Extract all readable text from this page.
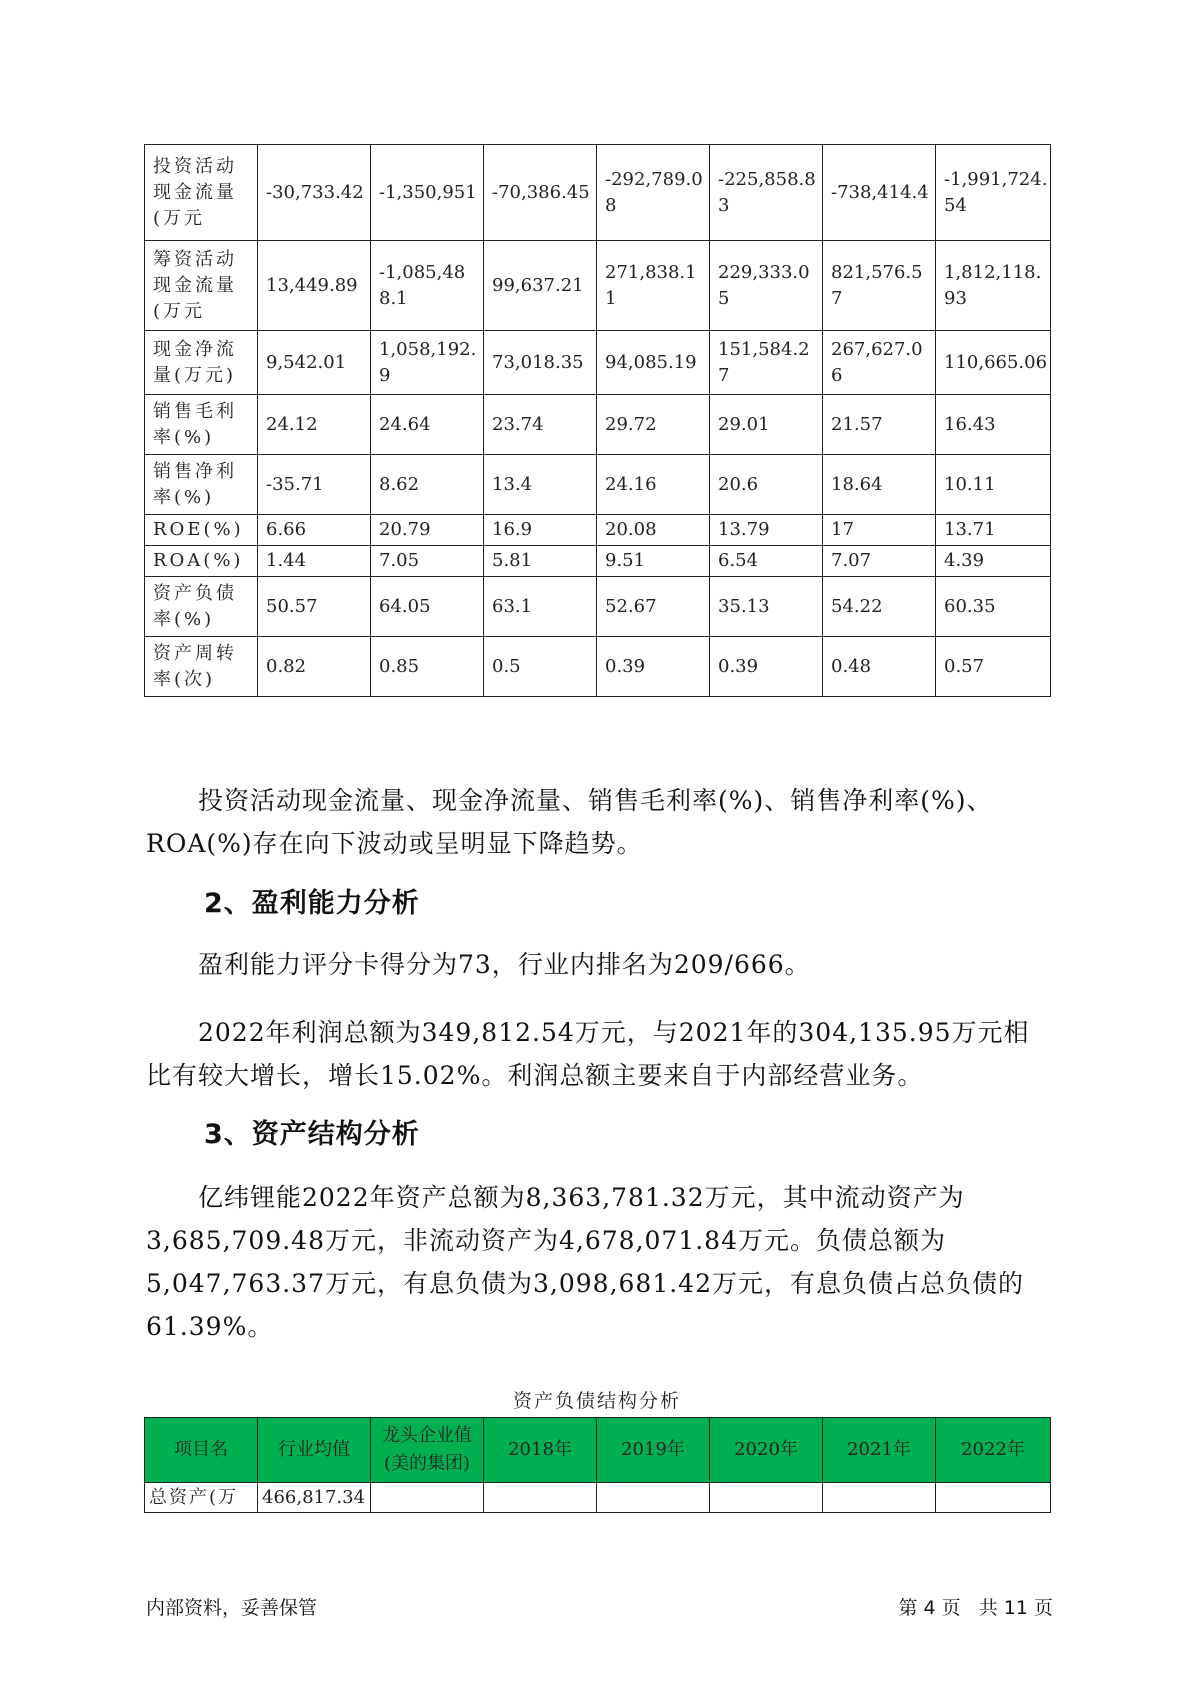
投资活动现金流量(万元	-30,733.42	-1,350,951	-70,386.45	-292,789.08	-225,858.83	-738,414.4	-1,991,724.54
筹资活动现金流量(万元	13,449.89	-1,085,488.1	99,637.21	271,838.11	229,333.05	821,576.57	1,812,118.93
现金净流量(万元)	9,542.01	1,058,192.9	73,018.35	94,085.19	151,584.27	267,627.06	110,665.06
销售毛利率(%)	24.12	24.64	23.74	29.72	29.01	21.57	16.43
销售净利率(%)	-35.71	8.62	13.4	24.16	20.6	18.64	10.11
ROE(%)	6.66	20.79	16.9	20.08	13.79	17	13.71
ROA(%)	1.44	7.05	5.81	9.51	6.54	7.07	4.39
资产负债率(%)	50.57	64.05	63.1	52.67	35.13	54.22	60.35
资产周转率(次)	0.82	0.85	0.5	0.39	0.39	0.48	0.57

投资活动现金流量、现金净流量、销售毛利率(%)、销售净利率(%)、ROA(%)存在向下波动或呈明显下降趋势。

2、盈利能力分析

盈利能力评分卡得分为73，行业内排名为209/666。

2022年利润总额为349,812.54万元，与2021年的304,135.95万元相比有较大增长，增长15.02%。利润总额主要来自于内部经营业务。

3、资产结构分析

亿纬锂能2022年资产总额为8,363,781.32万元，其中流动资产为3,685,709.48万元，非流动资产为4,678,071.84万元。负债总额为5,047,763.37万元，有息负债为3,098,681.42万元，有息负债占总负债的61.39%。

资产负债结构分析
项目名	行业均值	龙头企业值(美的集团)	2018年	2019年	2020年	2021年	2022年
总资产(万	466,817.34						
内部资料，妥善保管	第 4 页   共 11 页
